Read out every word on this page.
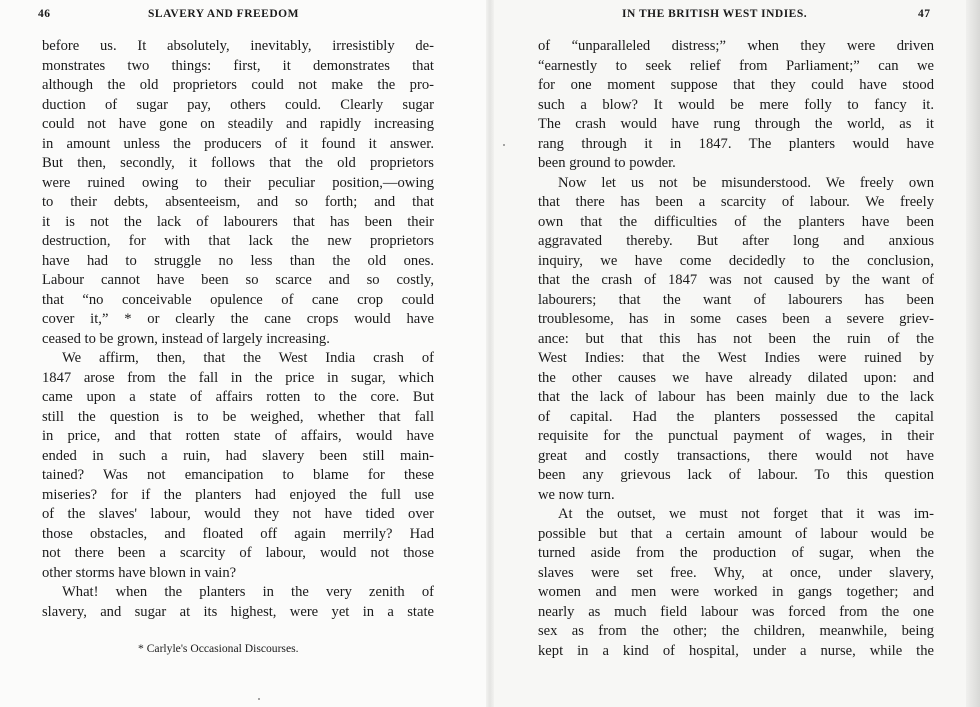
46	SLAVERY AND FREEDOM
before us. It absolutely, inevitably, irresistibly de-
monstrates two things: first, it demonstrates that
although the old proprietors could not make the pro-
duction of sugar pay, others could. Clearly sugar
could not have gone on steadily and rapidly increasing
in amount unless the producers of it found it answer.
But then, secondly, it follows that the old proprietors
were ruined owing to their peculiar position,—owing
to their debts, absenteeism, and so forth; and that
it is not the lack of labourers that has been their
destruction, for with that lack the new proprietors
have had to struggle no less than the old ones.
Labour cannot have been so scarce and so costly,
that “no conceivable opulence of cane crop could
cover it,” * or clearly the cane crops would have
ceased to be grown, instead of largely increasing.
We affirm, then, that the West India crash of
1847 arose from the fall in the price in sugar, which
came upon a state of affairs rotten to the core. But
still the question is to be weighed, whether that fall
in price, and that rotten state of affairs, would have
ended in such a ruin, had slavery been still main-
tained? Was not emancipation to blame for these
miseries? for if the planters had enjoyed the full use
of the slaves' labour, would they not have tided over
those obstacles, and floated off again merrily? Had
not there been a scarcity of labour, would not those
other storms have blown in vain?
What! when the planters in the very zenith of
slavery, and sugar at its highest, were yet in a state
* Carlyle's Occasional Discourses.
IN THE BRITISH WEST INDIES.	47
of “unparalleled distress;” when they were driven
“earnestly to seek relief from Parliament;” can we
for one moment suppose that they could have stood
such a blow? It would be mere folly to fancy it.
The crash would have rung through the world, as it
rang through it in 1847. The planters would have
been ground to powder.
Now let us not be misunderstood. We freely own
that there has been a scarcity of labour. We freely
own that the difficulties of the planters have been
aggravated thereby. But after long and anxious
inquiry, we have come decidedly to the conclusion,
that the crash of 1847 was not caused by the want of
labourers; that the want of labourers has been
troublesome, has in some cases been a severe griev-
ance: but that this has not been the ruin of the
West Indies: that the West Indies were ruined by
the other causes we have already dilated upon: and
that the lack of labour has been mainly due to the lack
of capital. Had the planters possessed the capital
requisite for the punctual payment of wages, in their
great and costly transactions, there would not have
been any grievous lack of labour. To this question
we now turn.
At the outset, we must not forget that it was im-
possible but that a certain amount of labour would be
turned aside from the production of sugar, when the
slaves were set free. Why, at once, under slavery,
women and men were worked in gangs together; and
nearly as much field labour was forced from the one
sex as from the other; the children, meanwhile, being
kept in a kind of hospital, under a nurse, while the
